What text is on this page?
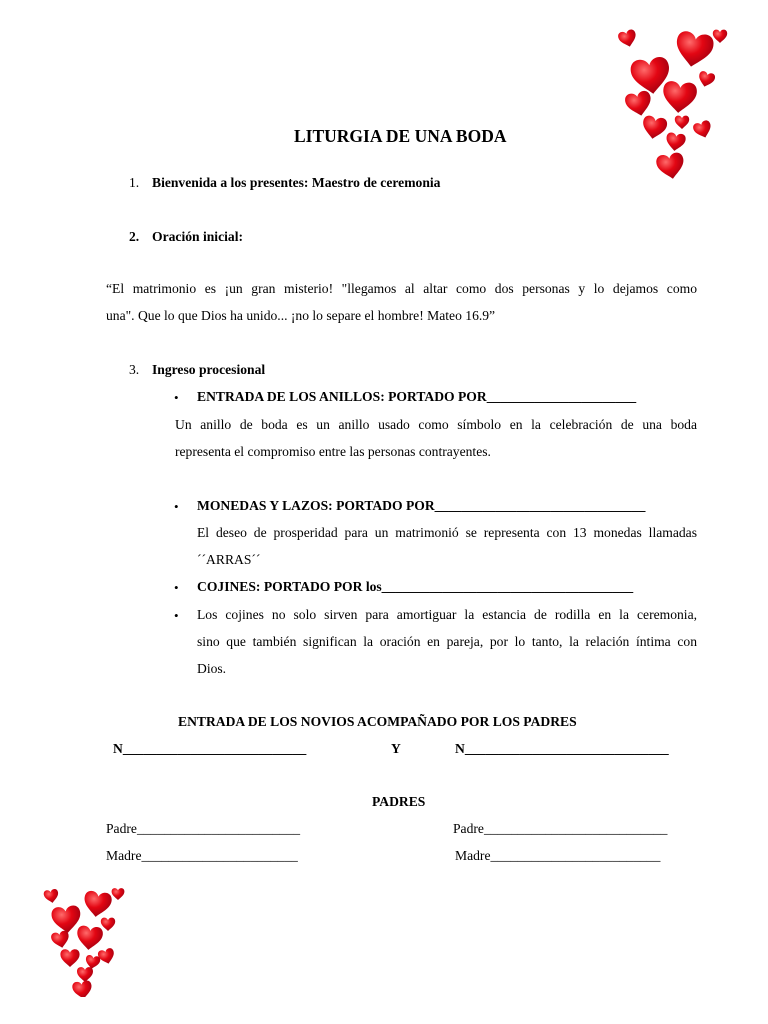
LITURGIA DE UNA BODA
1. Bienvenida a los presentes: Maestro de ceremonia
2. Oración inicial:
“El matrimonio es ¡un gran misterio! "llegamos al altar como dos personas y lo dejamos como
una". Que lo que Dios ha unido... ¡no lo separe el hombre! Mateo 16.9”
3. Ingreso procesional
• ENTRADA DE LOS ANILLOS: PORTADO POR______________________
Un anillo de boda es un anillo usado como símbolo en la celebración de una boda
representa el compromiso entre las personas contrayentes.
• MONEDAS Y LAZOS: PORTADO POR_______________________________
El deseo de prosperidad para un matrimonió se representa con 13 monedas llamadas
´´ARRAS´´
• COJINES: PORTADO POR los_____________________________________
• Los cojines no solo sirven para amortiguar la estancia de rodilla en la ceremonia,
sino que también significan la oración en pareja, por lo tanto, la relación íntima con
Dios.
ENTRADA DE LOS NOVIOS ACOMPAÑADO POR LOS PADRES
N___________________________	Y	N______________________________
PADRES
Padre________________________	Padre___________________________
Madre_______________________	Madre_________________________
